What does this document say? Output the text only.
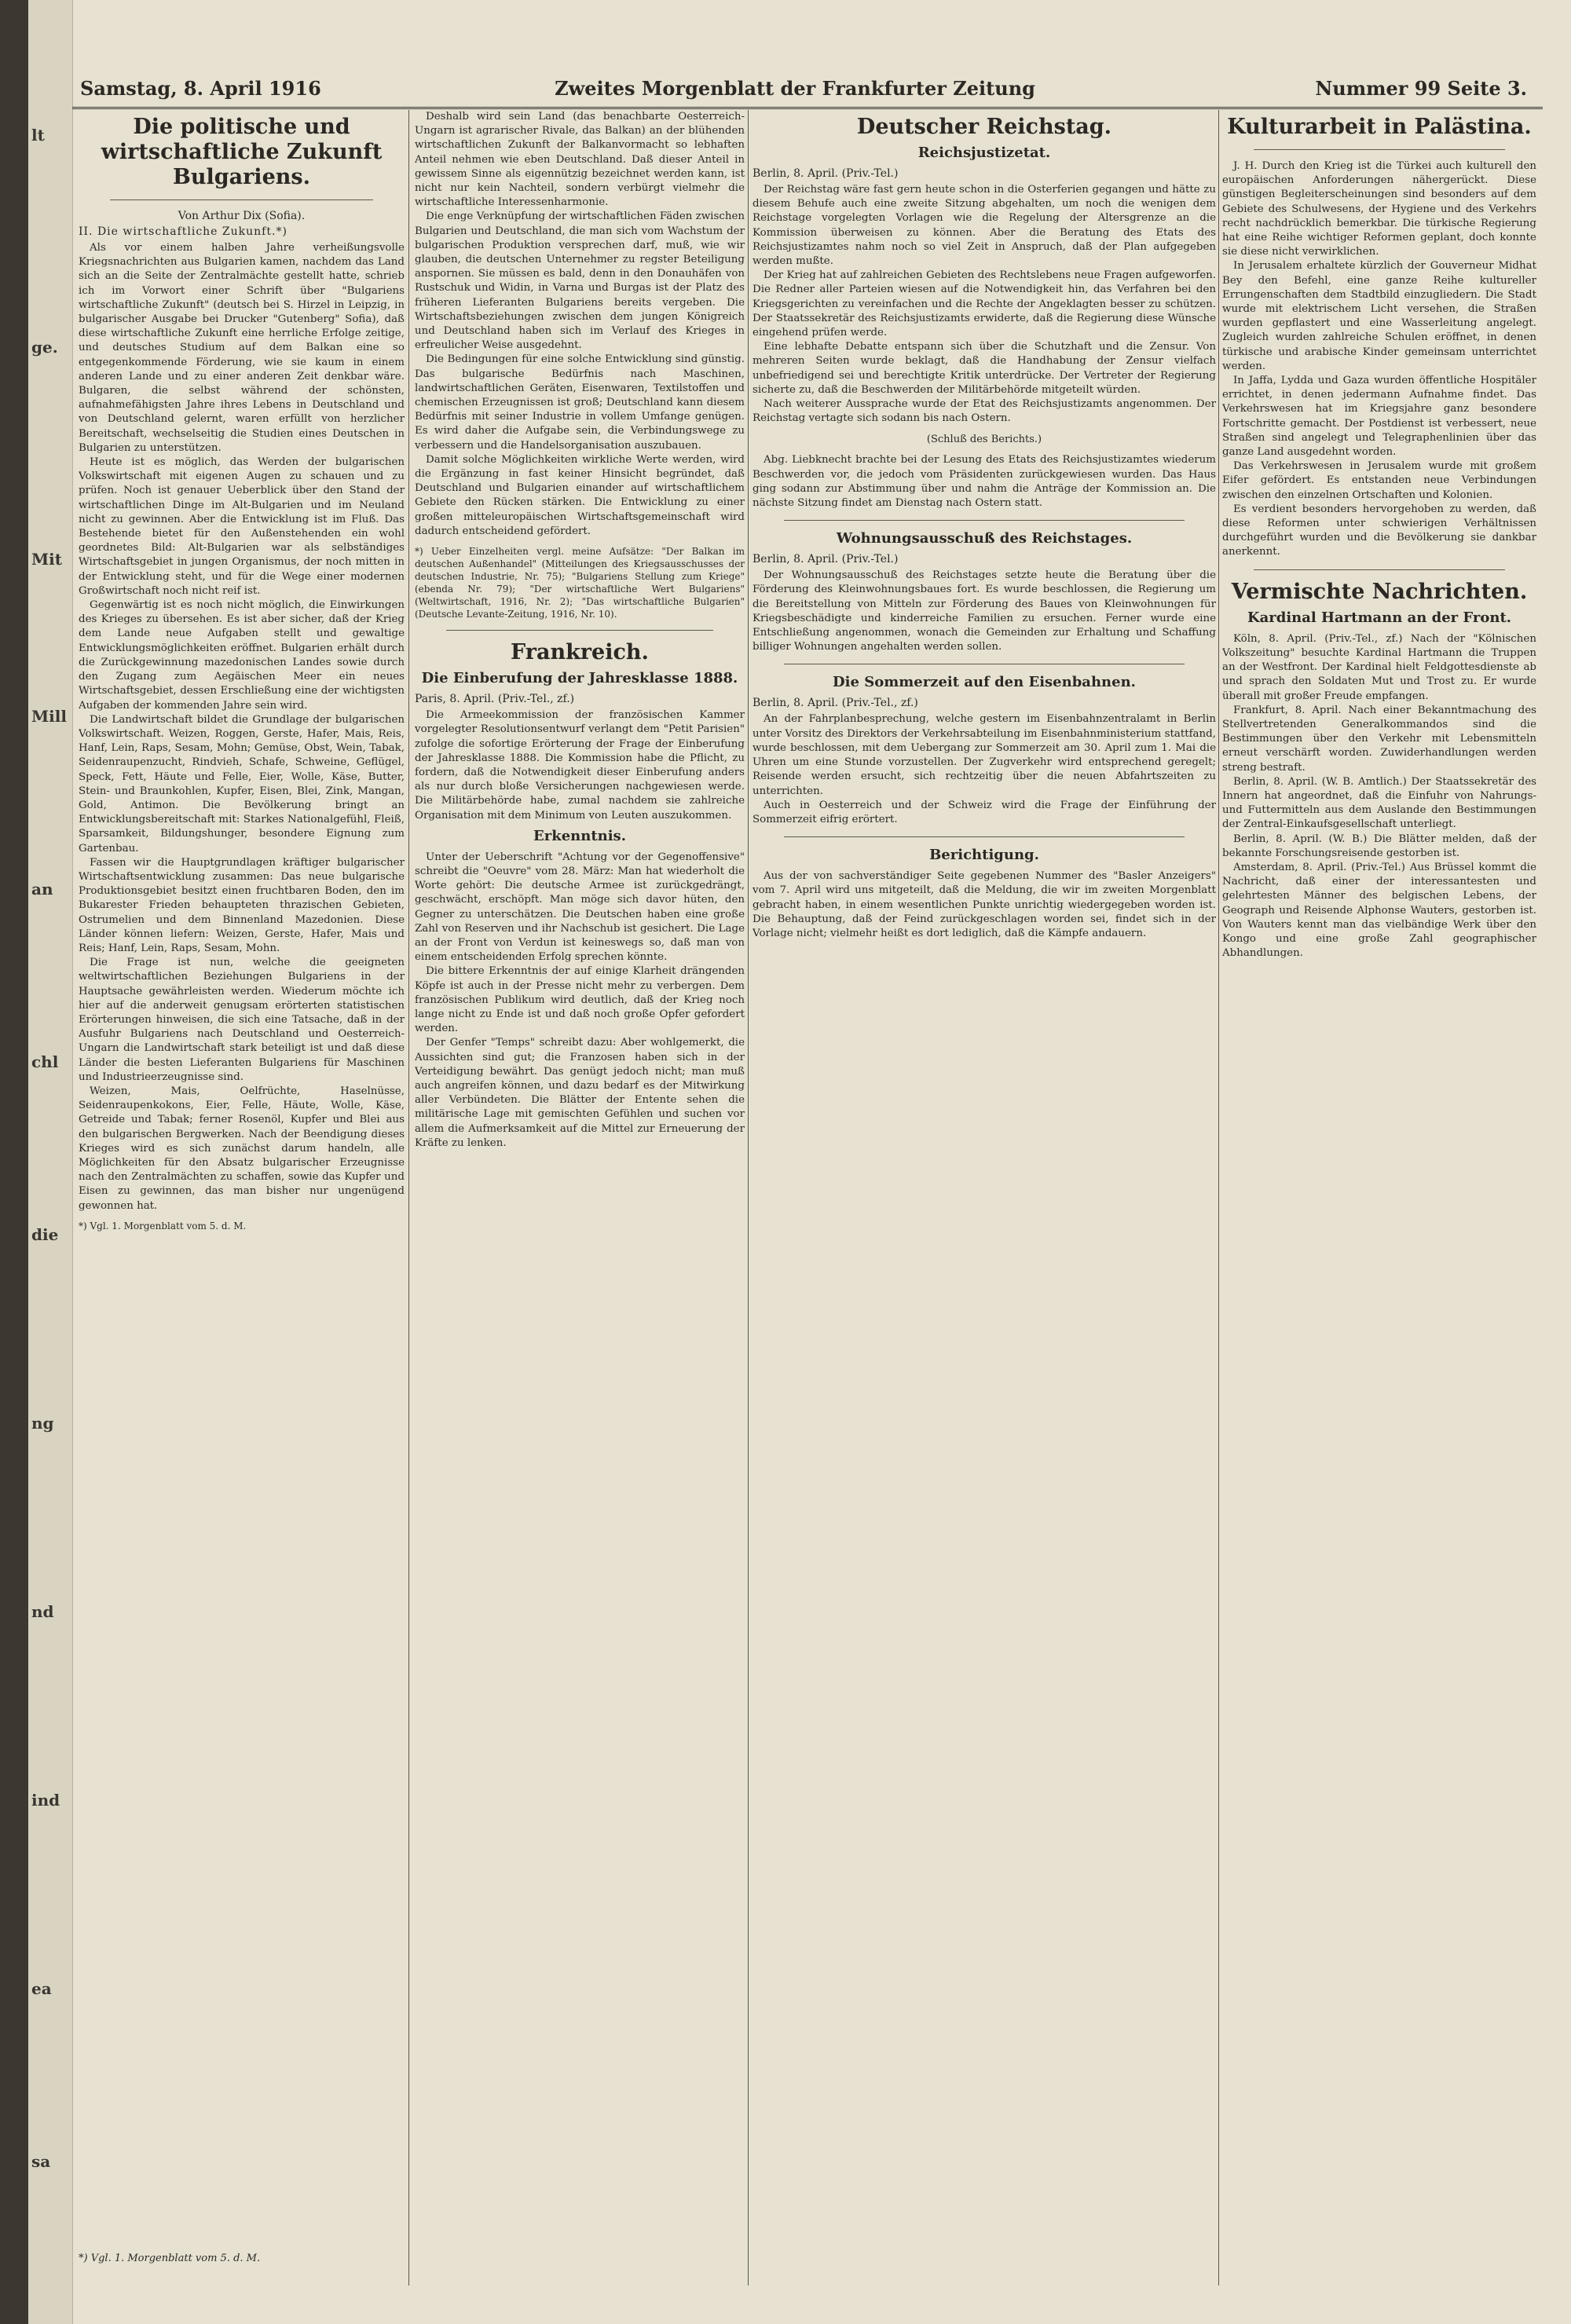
lt
ge.
Mit
Mill
an
chl
die
ng
nd
ind
ea
sa
Samstag, 8. April 1916	Zweites Morgenblatt der Frankfurter Zeitung	Nummer 99 Seite 3.
Die politische und wirtschaftliche Zukunft Bulgariens.
Von Arthur Dix (Sofia).
II. Die wirtschaftliche Zukunft.*)

Als vor einem halben Jahre verheißungsvolle Kriegsnachrichten aus Bulgarien kamen, nachdem das Land sich an die Seite der Zentralmächte gestellt hatte, schrieb ich im Vorwort einer Schrift über "Bulgariens wirtschaftliche Zukunft" (deutsch bei S. Hirzel in Leipzig, in bulgarischer Ausgabe bei Drucker "Gutenberg" Sofia), daß diese wirtschaftliche Zukunft eine herrliche Erfolge zeitige, und deutsches Studium auf dem Balkan eine so entgegenkommende Förderung, wie sie kaum in einem anderen Lande und zu einer anderen Zeit denkbar wäre. Bulgaren, die selbst während der schönsten, aufnahmefähigsten Jahre ihres Lebens in Deutschland und von Deutschland gelernt, waren erfüllt von herzlicher Bereitschaft, wechselseitig die Studien eines Deutschen in Bulgarien zu unterstützen.

Heute ist es möglich, das Werden der bulgarischen Volkswirtschaft mit eigenen Augen zu schauen und zu prüfen. Noch ist genauer Ueberblick über den Stand der wirtschaftlichen Dinge im Alt-Bulgarien und im Neuland nicht zu gewinnen. Aber die Entwicklung ist im Fluß. Das Bestehende bietet für den Außenstehenden ein wohl geordnetes Bild: Alt-Bulgarien war als selbständiges Wirtschaftsgebiet in jungen Organismus, der noch mitten in der Entwicklung steht, und für die Wege einer modernen Großwirtschaft noch nicht reif ist.

Gegenwärtig ist es noch nicht möglich, die Einwirkungen des Krieges zu übersehen. Es ist aber sicher, daß der Krieg dem Lande neue Aufgaben stellt und gewaltige Entwicklungsmöglichkeiten eröffnet. Bulgarien erhält durch die Zurückgewinnung mazedonischen Landes sowie durch den Zugang zum Aegäischen Meer ein neues Wirtschaftsgebiet, dessen Erschließung eine der wichtigsten Aufgaben der kommenden Jahre sein wird.

Die Landwirtschaft bildet die Grundlage der bulgarischen Volkswirtschaft. Weizen, Roggen, Gerste, Hafer, Mais, Reis, Hanf, Lein, Raps, Sesam, Mohn; Gemüse, Obst, Wein, Tabak, Seidenraupenzucht, Rindvieh, Schafe, Schweine, Geflügel, Speck, Fett, Häute und Felle, Eier, Wolle, Käse, Butter, Stein- und Braunkohlen, Kupfer, Eisen, Blei, Zink, Mangan, Gold, Antimon. Die Bevölkerung bringt an Entwicklungsbereitschaft mit: Starkes Nationalgefühl, Fleiß, Sparsamkeit, Bildungshunger, besondere Eignung zum Gartenbau.

Fassen wir die Hauptgrundlagen kräftiger bulgarischer Wirtschaftsentwicklung zusammen: Das neue bulgarische Produktionsgebiet besitzt einen fruchtbaren Boden, den im Bukarester Frieden behaupteten thrazischen Gebieten, Ostrumelien und dem Binnenland Mazedonien. Diese Länder können liefern: Weizen, Gerste, Hafer, Mais und Reis; Hanf, Lein, Raps, Sesam, Mohn.

Die Frage ist nun, welche die geeigneten weltwirtschaftlichen Beziehungen Bulgariens in der Hauptsache gewährleisten werden. Wiederum möchte ich hier auf die anderweit genugsam erörterten statistischen Erörterungen hinweisen, die sich eine Tatsache, daß in der Ausfuhr Bulgariens nach Deutschland und Oesterreich-Ungarn die Landwirtschaft stark beteiligt ist und daß diese Länder die besten Lieferanten Bulgariens für Maschinen und Industrieerzeugnisse sind.

Weizen, Mais, Oelfrüchte, Haselnüsse, Seidenraupenkokons, Eier, Felle, Häute, Wolle, Käse, Getreide und Tabak; ferner Rosenöl, Kupfer und Blei aus den bulgarischen Bergwerken. Nach der Beendigung dieses Krieges wird es sich zunächst darum handeln, alle Möglichkeiten für den Absatz bulgarischer Erzeugnisse nach den Zentralmächten zu schaffen, sowie das Kupfer und Eisen zu gewinnen, das man bisher nur ungenügend gewonnen hat.

*) Vgl. 1. Morgenblatt vom 5. d. M.

Deshalb wird sein Land (das benachbarte Oesterreich-Ungarn ist agrarischer Rivale, das Balkan) an der blühenden wirtschaftlichen Zukunft der Balkanvormacht so lebhaften Anteil nehmen wie eben Deutschland. Daß dieser Anteil in gewissem Sinne als eigennützig bezeichnet werden kann, ist nicht nur kein Nachteil, sondern verbürgt vielmehr die wirtschaftliche Interessenharmonie.

Die enge Verknüpfung der wirtschaftlichen Fäden zwischen Bulgarien und Deutschland, die man sich vom Wachstum der bulgarischen Produktion versprechen darf, muß, wie wir glauben, die deutschen Unternehmer zu regster Beteiligung anspornen. Sie müssen es bald, denn in den Donauhäfen von Rustschuk und Widin, in Varna und Burgas ist der Platz des früheren Lieferanten Bulgariens bereits vergeben. Die Wirtschaftsbeziehungen zwischen dem jungen Königreich und Deutschland haben sich im Verlauf des Krieges in erfreulicher Weise ausgedehnt.

Die Bedingungen für eine solche Entwicklung sind günstig. Das bulgarische Bedürfnis nach Maschinen, landwirtschaftlichen Geräten, Eisenwaren, Textilstoffen und chemischen Erzeugnissen ist groß; Deutschland kann diesem Bedürfnis mit seiner Industrie in vollem Umfange genügen. Es wird daher die Aufgabe sein, die Verbindungswege zu verbessern und die Handelsorganisation auszubauen.

Damit solche Möglichkeiten wirkliche Werte werden, wird die Ergänzung in fast keiner Hinsicht begründet, daß Deutschland und Bulgarien einander auf wirtschaftlichem Gebiete den Rücken stärken. Die Entwicklung zu einer großen mitteleuropäischen Wirtschaftsgemeinschaft wird dadurch entscheidend gefördert.

*) Ueber Einzelheiten vergl. meine Aufsätze: "Der Balkan im deutschen Außenhandel" (Mitteilungen des Kriegsausschusses der deutschen Industrie, Nr. 75); "Bulgariens Stellung zum Kriege" (ebenda Nr. 79); "Der wirtschaftliche Wert Bulgariens" (Weltwirtschaft, 1916, Nr. 2); "Das wirtschaftliche Bulgarien" (Deutsche Levante-Zeitung, 1916, Nr. 10).
Frankreich.
Die Einberufung der Jahresklasse 1888.
Paris, 8. April. (Priv.-Tel., zf.)

Die Armeekommission der französischen Kammer vorgelegter Resolutionsentwurf verlangt dem "Petit Parisien" zufolge die sofortige Erörterung der Frage der Einberufung der Jahresklasse 1888. Die Kommission habe die Pflicht, zu fordern, daß die Notwendigkeit dieser Einberufung anders als nur durch bloße Versicherungen nachgewiesen werde. Die Militärbehörde habe, zumal nachdem sie zahlreiche Organisation mit dem Minimum von Leuten auszukommen.

Erkenntnis.

Unter der Ueberschrift "Achtung vor der Gegenoffensive" schreibt die "Oeuvre" vom 28. März: Man hat wiederholt die Worte gehört: Die deutsche Armee ist zurückgedrängt, geschwächt, erschöpft. Man möge sich davor hüten, den Gegner zu unterschätzen. Die Deutschen haben eine große Zahl von Reserven und ihr Nachschub ist gesichert. Die Lage an der Front von Verdun ist keineswegs so, daß man von einem entscheidenden Erfolg sprechen könnte.

Die bittere Erkenntnis der auf einige Klarheit drängenden Köpfe ist auch in der Presse nicht mehr zu verbergen. Dem französischen Publikum wird deutlich, daß der Krieg noch lange nicht zu Ende ist und daß noch große Opfer gefordert werden.

Der Genfer "Temps" schreibt dazu: Aber wohlgemerkt, die Aussichten sind gut; die Franzosen haben sich in der Verteidigung bewährt. Das genügt jedoch nicht; man muß auch angreifen können, und dazu bedarf es der Mitwirkung aller Verbündeten. Die Blätter der Entente sehen die militärische Lage mit gemischten Gefühlen und suchen vor allem die Aufmerksamkeit auf die Mittel zur Erneuerung der Kräfte zu lenken.

Deutscher Reichstag.
Reichsjustizetat.
Berlin, 8. April. (Priv.-Tel.)

Der Reichstag wäre fast gern heute schon in die Osterferien gegangen und hätte zu diesem Behufe auch eine zweite Sitzung abgehalten, um noch die wenigen dem Reichstage vorgelegten Vorlagen wie die Regelung der Altersgrenze an die Kommission überweisen zu können. Aber die Beratung des Etats des Reichsjustizamtes nahm noch so viel Zeit in Anspruch, daß der Plan aufgegeben werden mußte.

Der Krieg hat auf zahlreichen Gebieten des Rechtslebens neue Fragen aufgeworfen. Die Redner aller Parteien wiesen auf die Notwendigkeit hin, das Verfahren bei den Kriegsgerichten zu vereinfachen und die Rechte der Angeklagten besser zu schützen. Der Staatssekretär des Reichsjustizamts erwiderte, daß die Regierung diese Wünsche eingehend prüfen werde.

Eine lebhafte Debatte entspann sich über die Schutzhaft und die Zensur. Von mehreren Seiten wurde beklagt, daß die Handhabung der Zensur vielfach unbefriedigend sei und berechtigte Kritik unterdrücke. Der Vertreter der Regierung sicherte zu, daß die Beschwerden der Militärbehörde mitgeteilt würden.

Nach weiterer Aussprache wurde der Etat des Reichsjustizamts angenommen. Der Reichstag vertagte sich sodann bis nach Ostern.

(Schluß des Berichts.)

Abg. Liebknecht brachte bei der Lesung des Etats des Reichsjustizamtes wiederum Beschwerden vor, die jedoch vom Präsidenten zurückgewiesen wurden. Das Haus ging sodann zur Abstimmung über und nahm die Anträge der Kommission an. Die nächste Sitzung findet am Dienstag nach Ostern statt.

Wohnungsausschuß des Reichstages.
Berlin, 8. April. (Priv.-Tel.)

Der Wohnungsausschuß des Reichstages setzte heute die Beratung über die Förderung des Kleinwohnungsbaues fort. Es wurde beschlossen, die Regierung um die Bereitstellung von Mitteln zur Förderung des Baues von Kleinwohnungen für Kriegsbeschädigte und kinderreiche Familien zu ersuchen. Ferner wurde eine Entschließung angenommen, wonach die Gemeinden zur Erhaltung und Schaffung billiger Wohnungen angehalten werden sollen.

Die Sommerzeit auf den Eisenbahnen.
Berlin, 8. April. (Priv.-Tel., zf.)

An der Fahrplanbesprechung, welche gestern im Eisenbahnzentralamt in Berlin unter Vorsitz des Direktors der Verkehrsabteilung im Eisenbahnministerium stattfand, wurde beschlossen, mit dem Uebergang zur Sommerzeit am 30. April zum 1. Mai die Uhren um eine Stunde vorzustellen. Der Zugverkehr wird entsprechend geregelt; Reisende werden ersucht, sich rechtzeitig über die neuen Abfahrtszeiten zu unterrichten.

Auch in Oesterreich und der Schweiz wird die Frage der Einführung der Sommerzeit eifrig erörtert.

Berichtigung.

Aus der von sachverständiger Seite gegebenen Nummer des "Basler Anzeigers" vom 7. April wird uns mitgeteilt, daß die Meldung, die wir im zweiten Morgenblatt gebracht haben, in einem wesentlichen Punkte unrichtig wiedergegeben worden ist. Die Behauptung, daß der Feind zurückgeschlagen worden sei, findet sich in der Vorlage nicht; vielmehr heißt es dort lediglich, daß die Kämpfe andauern.

Kulturarbeit in Palästina.

J. H. Durch den Krieg ist die Türkei auch kulturell den europäischen Anforderungen nähergerückt. Diese günstigen Begleiterscheinungen sind besonders auf dem Gebiete des Schulwesens, der Hygiene und des Verkehrs recht nachdrücklich bemerkbar. Die türkische Regierung hat eine Reihe wichtiger Reformen geplant, doch konnte sie diese nicht verwirklichen.

In Jerusalem erhaltete kürzlich der Gouverneur Midhat Bey den Befehl, eine ganze Reihe kultureller Errungenschaften dem Stadtbild einzugliedern. Die Stadt wurde mit elektrischem Licht versehen, die Straßen wurden gepflastert und eine Wasserleitung angelegt. Zugleich wurden zahlreiche Schulen eröffnet, in denen türkische und arabische Kinder gemeinsam unterrichtet werden.

In Jaffa, Lydda und Gaza wurden öffentliche Hospitäler errichtet, in denen jedermann Aufnahme findet. Das Verkehrswesen hat im Kriegsjahre ganz besondere Fortschritte gemacht. Der Postdienst ist verbessert, neue Straßen sind angelegt und Telegraphenlinien über das ganze Land ausgedehnt worden.

Das Verkehrswesen in Jerusalem wurde mit großem Eifer gefördert. Es entstanden neue Verbindungen zwischen den einzelnen Ortschaften und Kolonien.

Es verdient besonders hervorgehoben zu werden, daß diese Reformen unter schwierigen Verhältnissen durchgeführt wurden und die Bevölkerung sie dankbar anerkennt.

Vermischte Nachrichten.
Kardinal Hartmann an der Front.

Köln, 8. April. (Priv.-Tel., zf.) Nach der "Kölnischen Volkszeitung" besuchte Kardinal Hartmann die Truppen an der Westfront. Der Kardinal hielt Feldgottesdienste ab und sprach den Soldaten Mut und Trost zu. Er wurde überall mit großer Freude empfangen.

Frankfurt, 8. April. Nach einer Bekanntmachung des Stellvertretenden Generalkommandos sind die Bestimmungen über den Verkehr mit Lebensmitteln erneut verschärft worden. Zuwiderhandlungen werden streng bestraft.

Berlin, 8. April. (W. B. Amtlich.) Der Staatssekretär des Innern hat angeordnet, daß die Einfuhr von Nahrungs- und Futtermitteln aus dem Auslande den Bestimmungen der Zentral-Einkaufsgesellschaft unterliegt.

Berlin, 8. April. (W. B.) Die Blätter melden, daß der bekannte Forschungsreisende gestorben ist.

Amsterdam, 8. April. (Priv.-Tel.) Aus Brüssel kommt die Nachricht, daß einer der interessantesten und gelehrtesten Männer des belgischen Lebens, der Geograph und Reisende Alphonse Wauters, gestorben ist. Von Wauters kennt man das vielbändige Werk über den Kongo und eine große Zahl geographischer Abhandlungen.

*) Vgl. 1. Morgenblatt vom 5. d. M.
